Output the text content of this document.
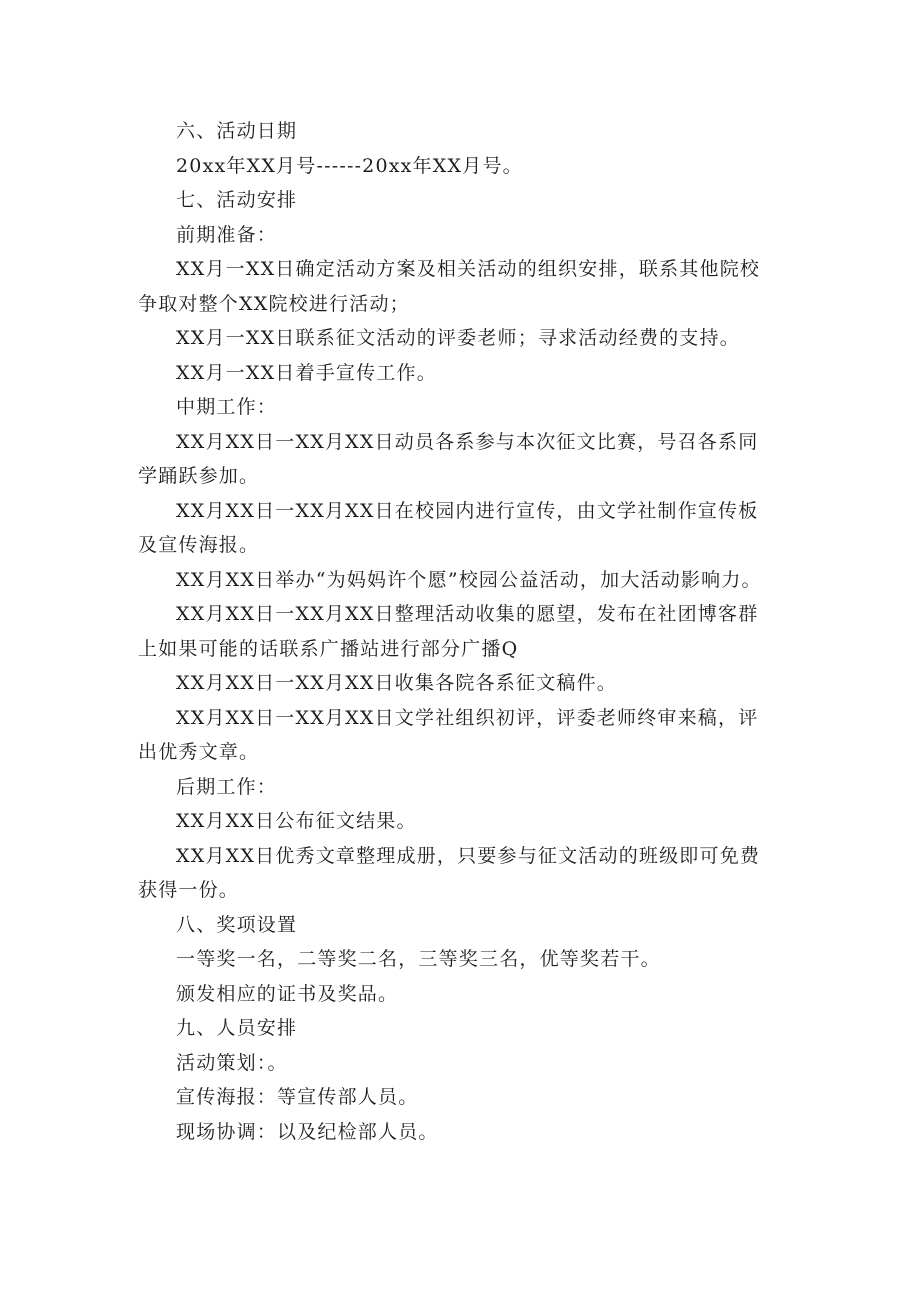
六、活动日期

20xx年XX月号------20xx年XX月号。

七、活动安排

前期准备：

XX月一XX日确定活动方案及相关活动的组织安排，联系其他院校争取对整个XX院校进行活动；

XX月一XX日联系征文活动的评委老师；寻求活动经费的支持。

XX月一XX日着手宣传工作。

中期工作：

XX月XX日一XX月XX日动员各系参与本次征文比赛，号召各系同学踊跃参加。

XX月XX日一XX月XX日在校园内进行宣传，由文学社制作宣传板及宣传海报。

XX月XX日举办“为妈妈许个愿”校园公益活动，加大活动影响力。

XX月XX日一XX月XX日整理活动收集的愿望，发布在社团博客群上如果可能的话联系广播站进行部分广播Q

XX月XX日一XX月XX日收集各院各系征文稿件。

XX月XX日一XX月XX日文学社组织初评，评委老师终审来稿，评出优秀文章。

后期工作：

XX月XX日公布征文结果。

XX月XX日优秀文章整理成册，只要参与征文活动的班级即可免费获得一份。

八、奖项设置

一等奖一名，二等奖二名，三等奖三名，优等奖若干。

颁发相应的证书及奖品。

九、人员安排

活动策划：。

宣传海报：等宣传部人员。

现场协调：以及纪检部人员。
